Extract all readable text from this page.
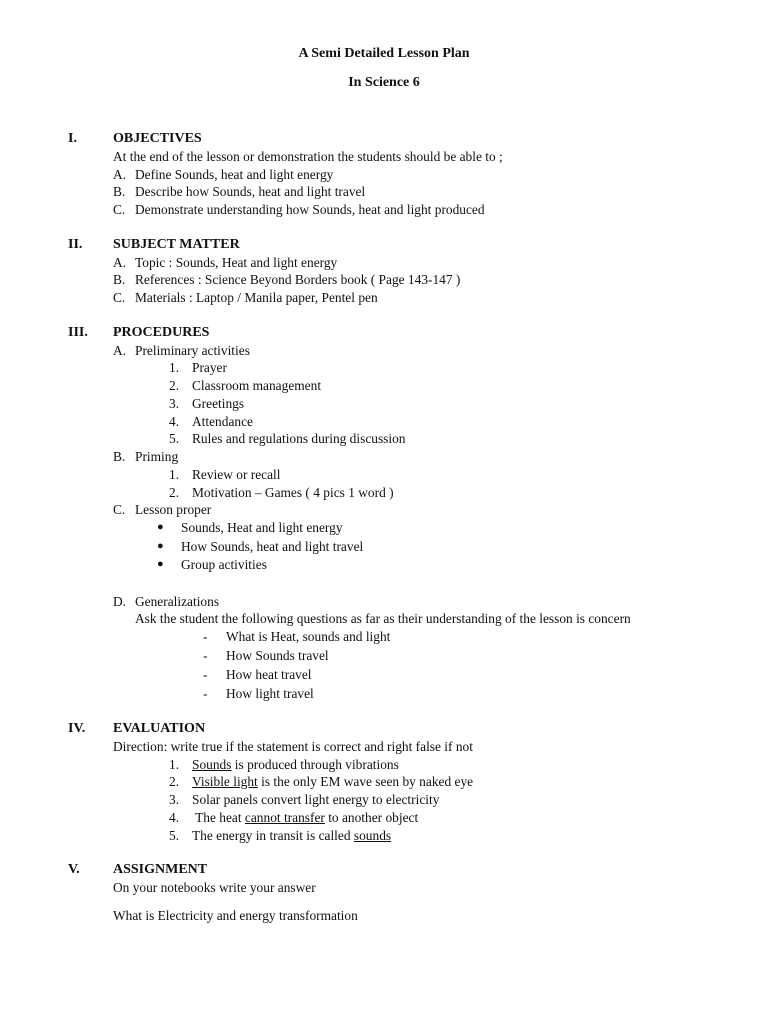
A Semi Detailed Lesson Plan
In Science 6
I.	OBJECTIVES
At the end of the lesson or demonstration the students should be able to ;
A. Define Sounds, heat and light energy
B. Describe how Sounds, heat and light travel
C. Demonstrate understanding how Sounds, heat and light produced
II. SUBJECT MATTER
A. Topic : Sounds, Heat and light energy
B. References : Science Beyond Borders book ( Page 143-147 )
C. Materials : Laptop / Manila paper, Pentel pen
III. PROCEDURES
A. Preliminary activities
1. Prayer
2. Classroom management
3. Greetings
4. Attendance
5. Rules and regulations during discussion
B. Priming
1. Review or recall
2. Motivation – Games ( 4 pics 1 word )
C. Lesson proper
● Sounds, Heat and light energy
● How Sounds, heat and light travel
● Group activities
D. Generalizations
Ask the student the following questions as far as their understanding of the lesson is concern
- What is Heat, sounds and light
- How Sounds travel
- How heat travel
- How light travel
IV. EVALUATION
Direction: write true if the statement is correct and right false if not
1. Sounds is produced through vibrations
2. Visible light is the only EM wave seen by naked eye
3. Solar panels convert light energy to electricity
4. The heat cannot transfer to another object
5. The energy in transit is called sounds
V. ASSIGNMENT
On your notebooks write your answer
What is Electricity and energy transformation
